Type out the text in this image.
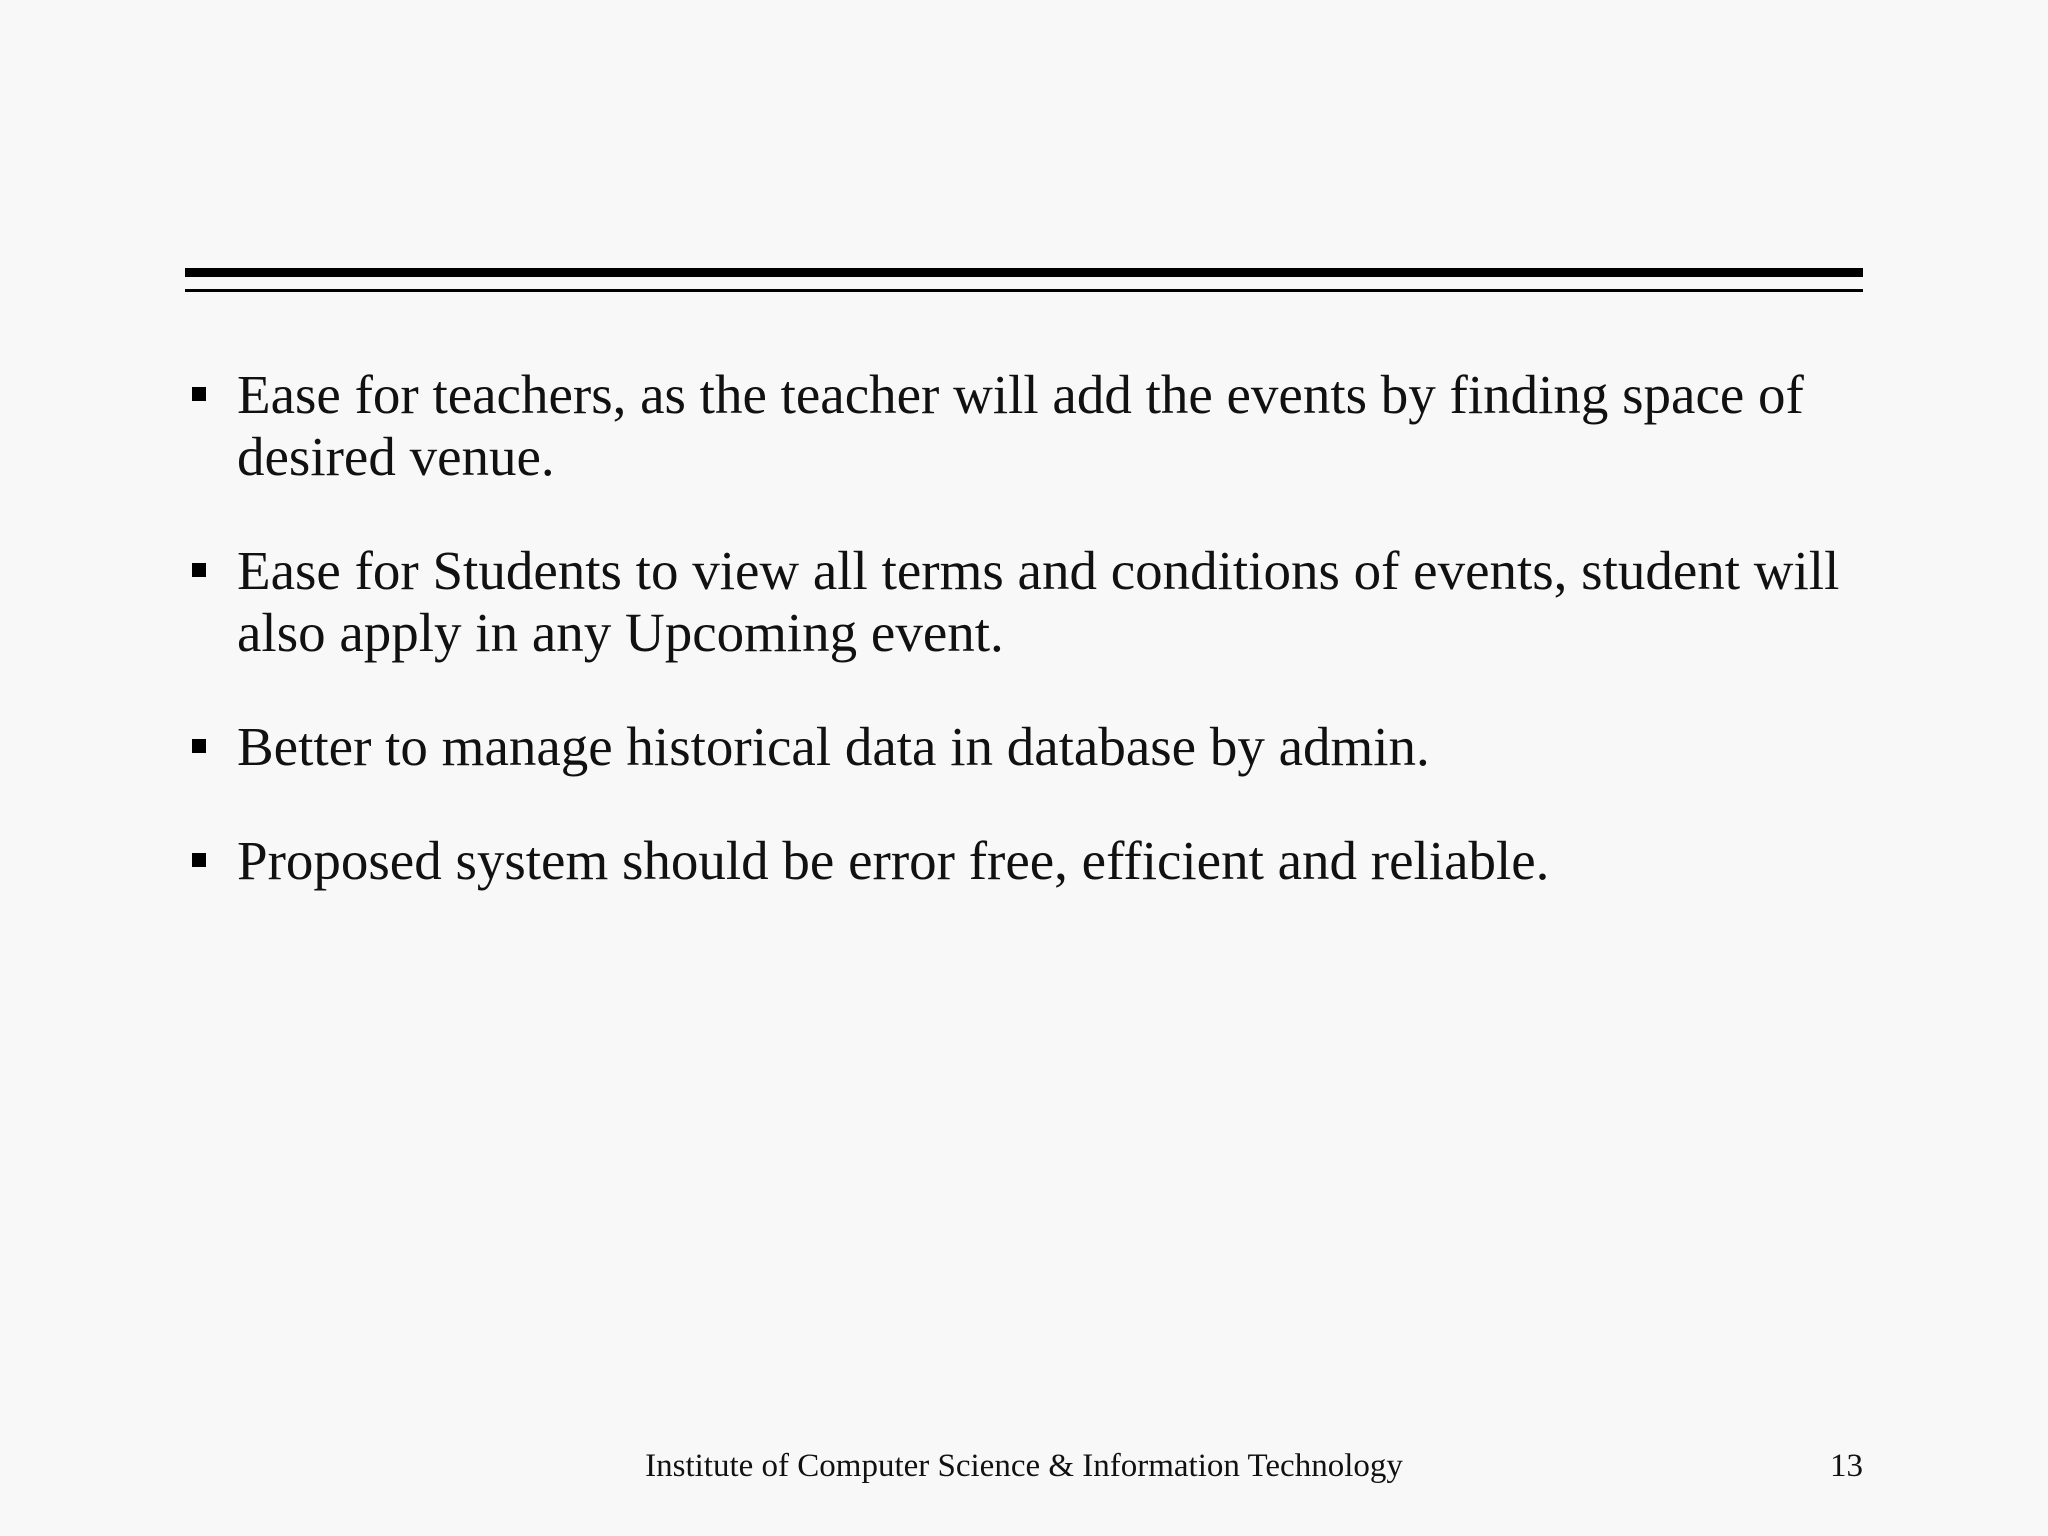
Ease for teachers, as the teacher will add the events by finding space of desired venue.
Ease for Students to view all terms and conditions of events, student will also apply in any Upcoming event.
Better to manage historical data in database by admin.
Proposed system should be error free, efficient and reliable.
Institute of Computer Science & Information Technology	13
